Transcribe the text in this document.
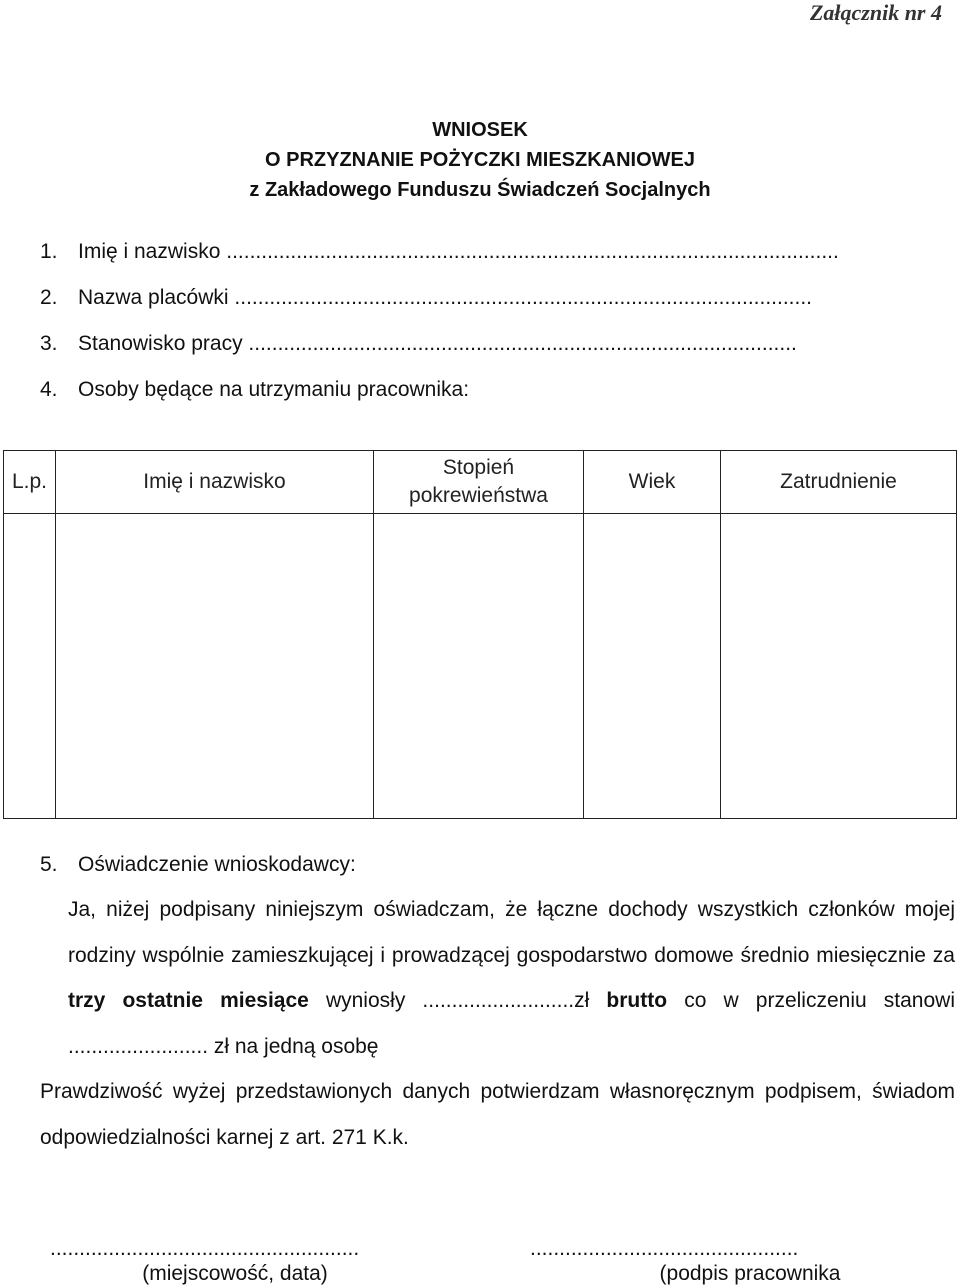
Załącznik nr 4
WNIOSEK
O PRZYZNANIE POŻYCZKI MIESZKANIOWEJ
z Zakładowego Funduszu Świadczeń Socjalnych
1. Imię i nazwisko .........................................................................................................
2. Nazwa placówki ...................................................................................................
3. Stanowisko pracy ..............................................................................................
4. Osoby będące na utrzymaniu pracownika:
L.p.	Imię i nazwisko	Stopień pokrewieństwa	Wiek	Zatrudnienie

5. Oświadczenie wnioskodawcy:

Ja, niżej podpisany niniejszym oświadczam, że łączne dochody wszystkich członków mojej rodziny wspólnie zamieszkującej i prowadzącej gospodarstwo domowe średnio miesięcznie za trzy ostatnie miesiące wyniosły ..........................zł brutto co w przeliczeniu stanowi ........................ zł na jedną osobę

Prawdziwość wyżej przedstawionych danych potwierdzam własnoręcznym podpisem, świadom odpowiedzialności karnej z art. 271 K.k.

.....................................................
(miejscowość, data)
..............................................
(podpis pracownika
